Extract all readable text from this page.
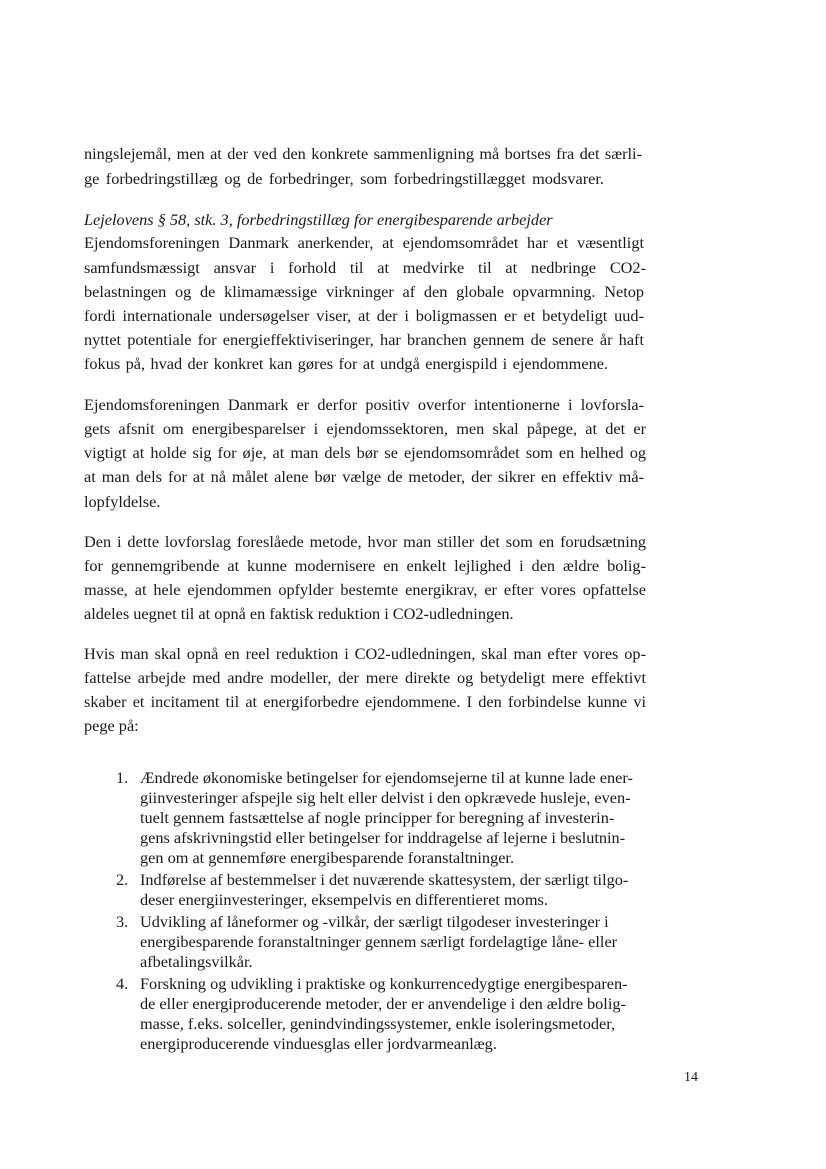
ningslejemål, men at der ved den konkrete sammenligning må bortses fra det særli-
ge forbedringstillæg og de forbedringer, som forbedringstillægget modsvarer.
Lejelovens § 58, stk. 3, forbedringstillæg for energibesparende arbejder
Ejendomsforeningen Danmark anerkender, at ejendomsområdet har et væsentligt
samfundsmæssigt ansvar i forhold til at medvirke til at nedbringe CO2-
belastningen og de klimamæssige virkninger af den globale opvarmning. Netop
fordi internationale undersøgelser viser, at der i boligmassen er et betydeligt uud-
nyttet potentiale for energieffektiviseringer, har branchen gennem de senere år haft
fokus på, hvad der konkret kan gøres for at undgå energispild i ejendommene.
Ejendomsforeningen Danmark er derfor positiv overfor intentionerne i lovforsla-
gets afsnit om energibesparelser i ejendomssektoren, men skal påpege, at det er
vigtigt at holde sig for øje, at man dels bør se ejendomsområdet som en helhed og
at man dels for at nå målet alene bør vælge de metoder, der sikrer en effektiv må-
lopfyldelse.
Den i dette lovforslag foreslåede metode, hvor man stiller det som en forudsætning
for gennemgribende at kunne modernisere en enkelt lejlighed i den ældre bolig-
masse, at hele ejendommen opfylder bestemte energikrav, er efter vores opfattelse
aldeles uegnet til at opnå en faktisk reduktion i CO2-udledningen.
Hvis man skal opnå en reel reduktion i CO2-udledningen, skal man efter vores op-
fattelse arbejde med andre modeller, der mere direkte og betydeligt mere effektivt
skaber et incitament til at energiforbedre ejendommene. I den forbindelse kunne vi
pege på:
1. Ændrede økonomiske betingelser for ejendomsejerne til at kunne lade ener-
giinvesteringer afspejle sig helt eller delvist i den opkrævede husleje, even-
tuelt gennem fastsættelse af nogle principper for beregning af investerin-
gens afskrivningstid eller betingelser for inddragelse af lejerne i beslutnin-
gen om at gennemføre energibesparende foranstaltninger.
2. Indførelse af bestemmelser i det nuværende skattesystem, der særligt tilgo-
deser energiinvesteringer, eksempelvis en differentieret moms.
3. Udvikling af låneformer og -vilkår, der særligt tilgodeser investeringer i
energibesparende foranstaltninger gennem særligt fordelagtige låne- eller
afbetalingsvilkår.
4. Forskning og udvikling i praktiske og konkurrencedygtige energibesparen-
de eller energiproducerende metoder, der er anvendelige i den ældre bolig-
masse, f.eks. solceller, genindvindingssystemer, enkle isoleringsmetoder,
energiproducerende vinduesglas eller jordvarmeanlæg.
14
